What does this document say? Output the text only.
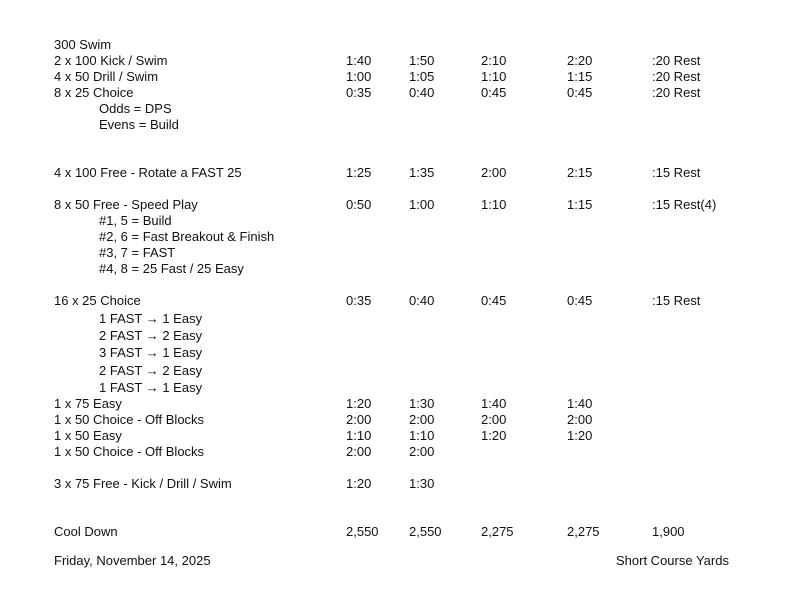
300 Swim
2 x 100 Kick / Swim	1:40	1:50	2:10	2:20	:20 Rest
4 x 50 Drill / Swim	1:00	1:05	1:10	1:15	:20 Rest
8 x 25 Choice	0:35	0:40	0:45	0:45	:20 Rest
Odds = DPS
Evens = Build
4 x 100 Free - Rotate a FAST 25	1:25	1:35	2:00	2:15	:15 Rest
8 x 50 Free - Speed Play	0:50	1:00	1:10	1:15	:15 Rest(4)
#1, 5 = Build
#2, 6 = Fast Breakout & Finish
#3, 7 = FAST
#4, 8 = 25 Fast / 25 Easy
16 x 25 Choice	0:35	0:40	0:45	0:45	:15 Rest
1 FAST → 1 Easy
2 FAST → 2 Easy
3 FAST → 1 Easy
2 FAST → 2 Easy
1 FAST → 1 Easy
1 x 75 Easy	1:20	1:30	1:40	1:40
1 x 50 Choice - Off Blocks	2:00	2:00	2:00	2:00
1 x 50 Easy	1:10	1:10	1:20	1:20
1 x 50 Choice - Off Blocks	2:00	2:00
3 x 75 Free - Kick / Drill / Swim	1:20	1:30
Cool Down	2,550 2,550	2,275	2,275	1,900
Friday, November 14, 2025	Short Course Yards
